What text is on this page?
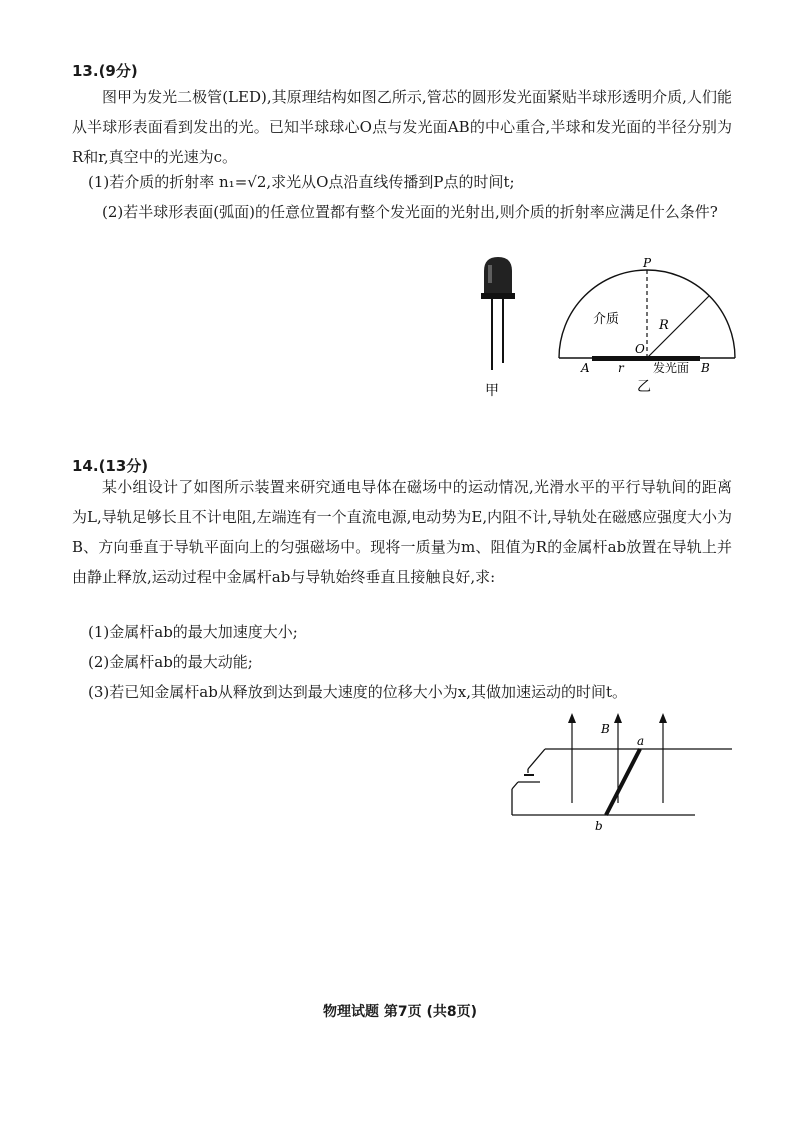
13.(9分)

图甲为发光二极管(LED),其原理结构如图乙所示,管芯的圆形发光面紧贴半球形透明介质,人们能从半球形表面看到发出的光。已知半球球心O点与发光面AB的中心重合,半球和发光面的半径分别为R和r,真空中的光速为c。

(1)若介质的折射率 n₁=√2,求光从O点沿直线传播到P点的时间t;

(2)若半球形表面(弧面)的任意位置都有整个发光面的光射出,则介质的折射率应满足什么条件?

甲
P
介质	R
O
A r 发光面 B
乙
14.(13分)

某小组设计了如图所示装置来研究通电导体在磁场中的运动情况,光滑水平的平行导轨间的距离为L,导轨足够长且不计电阻,左端连有一个直流电源,电动势为E,内阻不计,导轨处在磁感应强度大小为B、方向垂直于导轨平面向上的匀强磁场中。现将一质量为m、阻值为R的金属杆ab放置在导轨上并由静止释放,运动过程中金属杆ab与导轨始终垂直且接触良好,求:

(1)金属杆ab的最大加速度大小;

(2)金属杆ab的最大动能;

(3)若已知金属杆ab从释放到达到最大速度的位移大小为x,其做加速运动的时间t。

B
a
b
物理试题 第7页 (共8页)
